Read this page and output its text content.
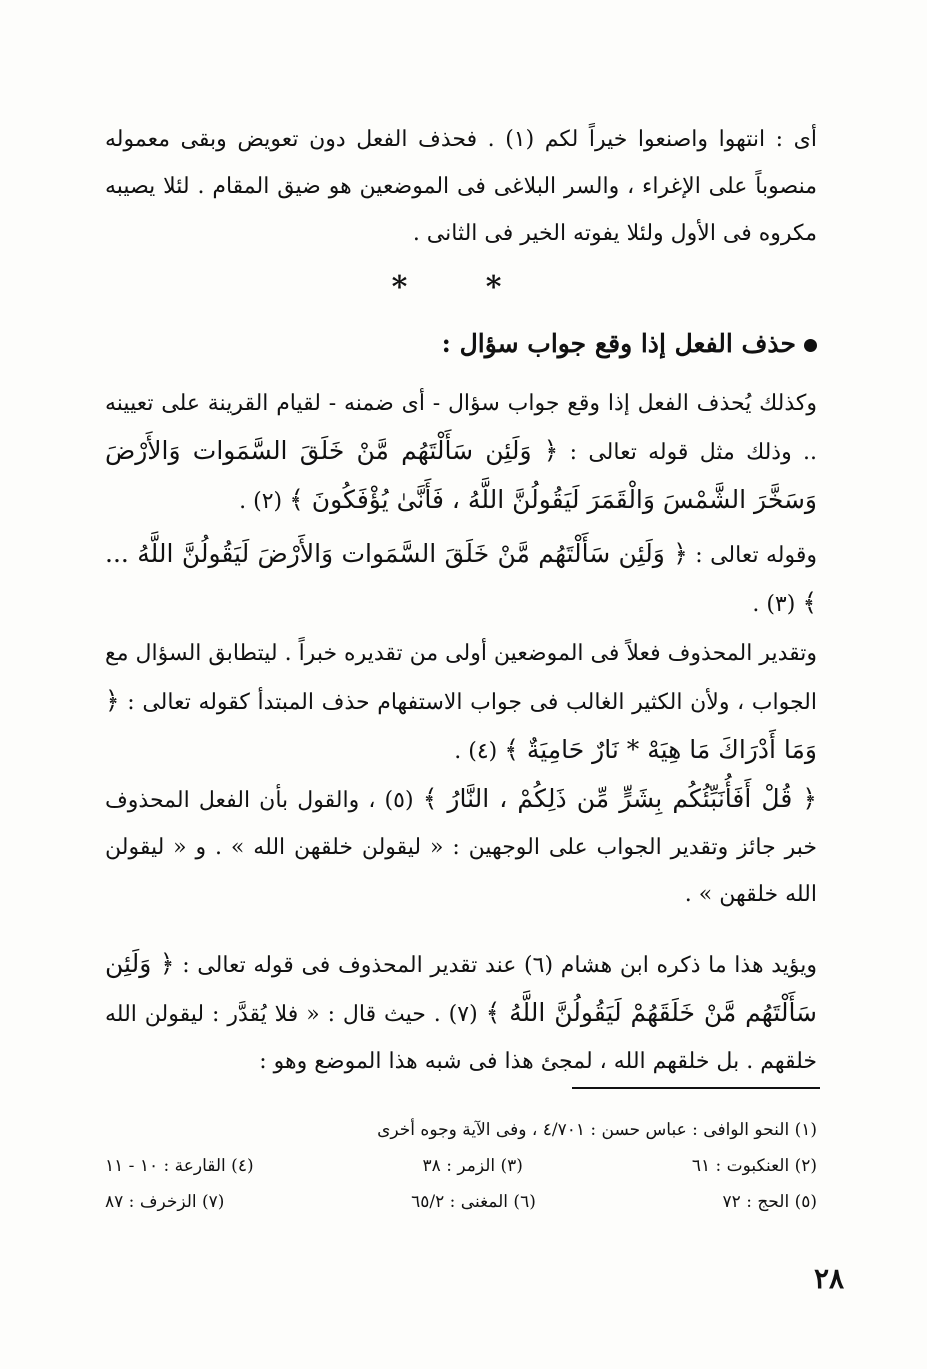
أى : انتهوا واصنعوا خيراً لكم (١) . فحذف الفعل دون تعويض وبقى معموله منصوباً على الإغراء ، والسر البلاغى فى الموضعين هو ضيق المقام . لئلا يصيبه مكروه فى الأول ولئلا يفوته الخير فى الثانى .

* *
حذف الفعل إذا وقع جواب سؤال :

وكذلك يُحذف الفعل إذا وقع جواب سؤال - أى ضمنه - لقيام القرينة على تعيينه .. وذلك مثل قوله تعالى : ﴿ وَلَئِن سَأَلْتَهُم مَّنْ خَلَقَ السَّمَوات وَالأَرْضَ وَسَخَّرَ الشَّمْسَ وَالْقَمَرَ لَيَقُولُنَّ اللَّهُ ، فَأَنَّىٰ يُؤْفَكُونَ ﴾ (٢) .

وقوله تعالى : ﴿ وَلَئِن سَأَلْتَهُم مَّنْ خَلَقَ السَّمَوات وَالأَرْضَ لَيَقُولُنَّ اللَّهُ ... ﴾ (٣) .

وتقدير المحذوف فعلاً فى الموضعين أولى من تقديره خبراً . ليتطابق السؤال مع الجواب ، ولأن الكثير الغالب فى جواب الاستفهام حذف المبتدأ كقوله تعالى : ﴿ وَمَا أَدْرَاكَ مَا هِيَهْ * نَارٌ حَامِيَةٌ ﴾ (٤) .

﴿ قُلْ أَفَأُنَبِّئُكُم بِشَرٍّ مِّن ذَلِكُمْ ، النَّارُ ﴾ (٥) ، والقول بأن الفعل المحذوف خبر جائز وتقدير الجواب على الوجهين : « ليقولن خلقهن الله » . و « ليقولن الله خلقهن » .

ويؤيد هذا ما ذكره ابن هشام (٦) عند تقدير المحذوف فى قوله تعالى : ﴿ وَلَئِن سَأَلْتَهُم مَّنْ خَلَقَهُمْ لَيَقُولُنَّ اللَّهُ ﴾ (٧) . حيث قال : « فلا يُقدَّر : ليقولن الله خلقهم . بل خلقهم الله ، لمجئ هذا فى شبه هذا الموضع وهو :

(١) النحو الوافى : عباس حسن : ٤/٧٠١ ، وفى الآية وجوه أخرى
(٢) العنكبوت : ٦١
(٣) الزمر : ٣٨
(٤) القارعة : ١٠ - ١١
(٥) الحج : ٧٢
(٦) المغنى : ٦٥/٢
(٧) الزخرف : ٨٧
٢٨
